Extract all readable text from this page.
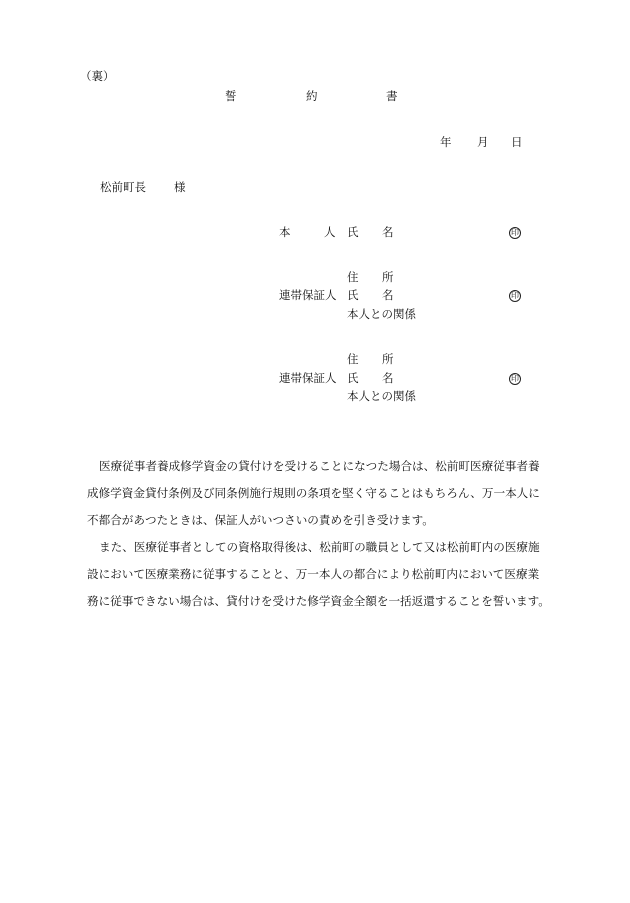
（裏）
誓	約	書
年 月 日
松前町長 様
本	人 氏 名	印
住 所
連帯保証人 氏 名	印
本人との関係
住 所
連帯保証人 氏 名	印
本人との関係
医療従事者養成修学資金の貸付けを受けることになつた場合は、松前町医療従事者養
成修学資金貸付条例及び同条例施行規則の条項を堅く守ることはもちろん、万一本人に
不都合があつたときは、保証人がいつさいの責めを引き受けます。
また、医療従事者としての資格取得後は、松前町の職員として又は松前町内の医療施
設において医療業務に従事することと、万一本人の都合により松前町内において医療業
務に従事できない場合は、貸付けを受けた修学資金全額を一括返還することを誓います。
